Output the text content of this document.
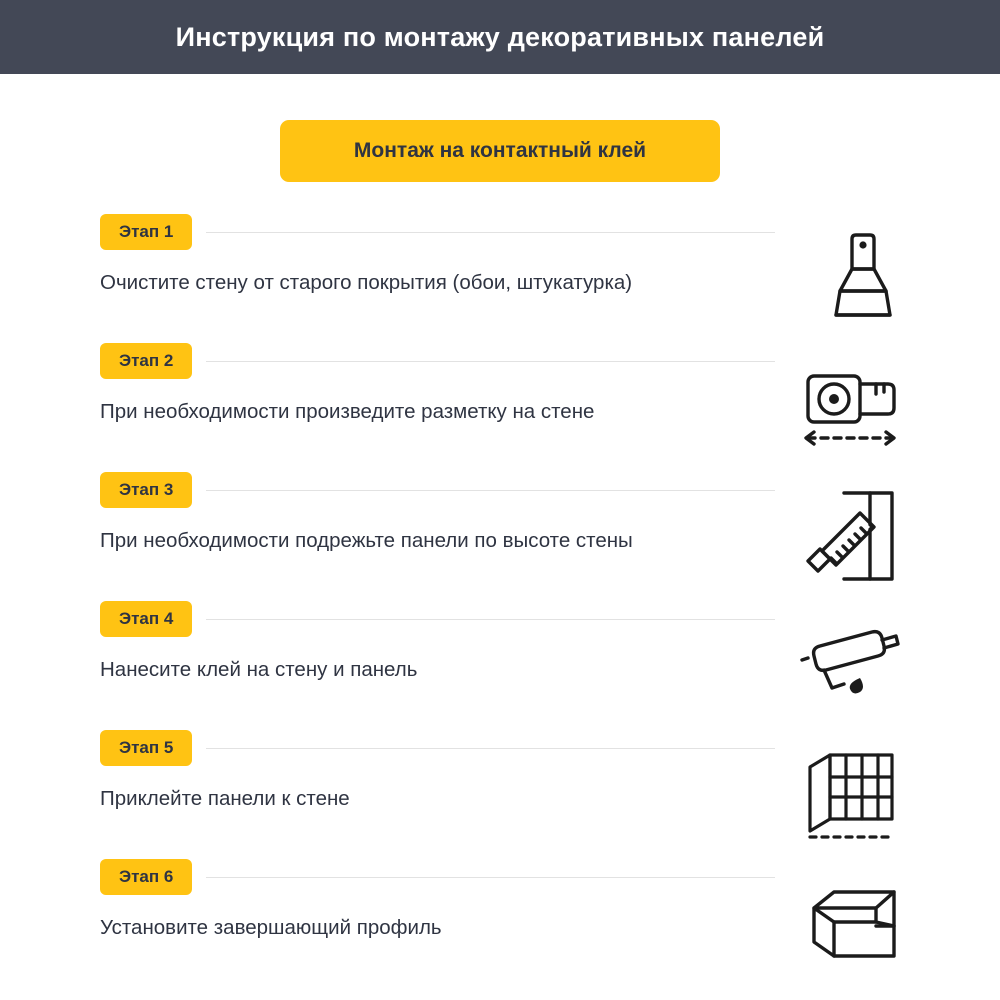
Инструкция по монтажу декоративных панелей
Монтаж на контактный клей
Этап 1
Очистите стену от старого покрытия (обои, штукатурка)
Этап 2
При необходимости произведите разметку на стене
Этап 3
При необходимости подрежьте панели по высоте стены
Этап 4
Нанесите клей на стену и панель
Этап 5
Приклейте панели к стене
Этап 6
Установите завершающий профиль
